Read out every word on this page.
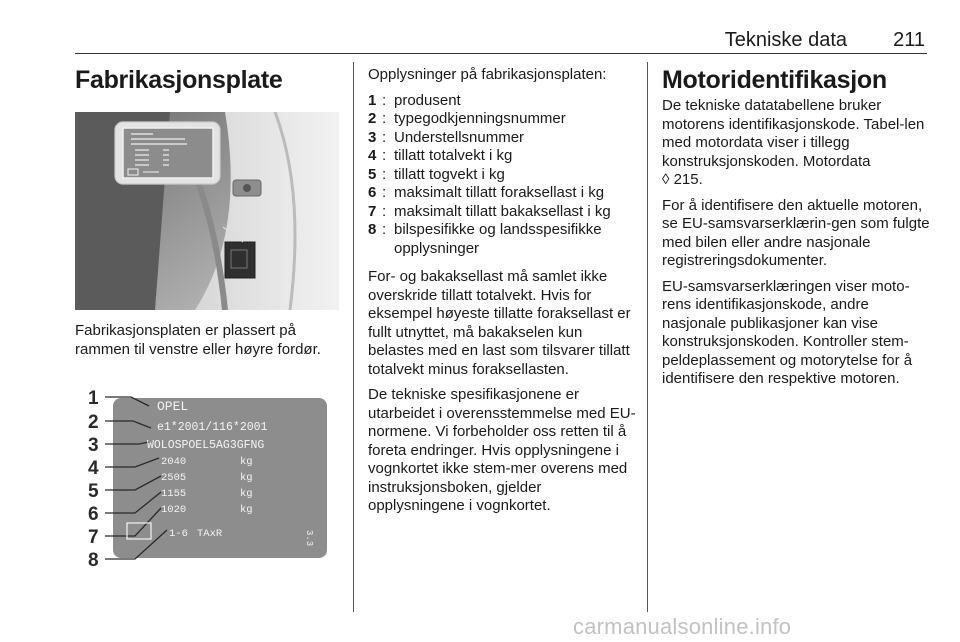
Tekniske data 211
Fabrikasjonsplate

Fabrikasjonsplaten er plassert på rammen til venstre eller høyre fordør.

1
2
3
4
5
6
7
8
OPEL
e1*2001/116*2001
WOLOSPOEL5AG3GFNG
2040
2505
1155
1020
kg
kg
kg
kg
1-6 TAxR	3.3

Opplysninger på fabrikasjonsplaten:

1 : produsent
2 : typegodkjenningsnummer
3 : Understellsnummer
4 : tillatt totalvekt i kg
5 : tillatt togvekt i kg
6 : maksimalt tillatt foraksellast i kg
7 : maksimalt tillatt bakaksellast i kg
8 : bilspesifikke og landsspesifikke opplysninger

For- og bakaksellast må samlet ikke overskride tillatt totalvekt. Hvis for eksempel høyeste tillatte foraksellast er fullt utnyttet, må bakakselen kun belastes med en last som tilsvarer tillatt totalvekt minus foraksellasten.

De tekniske spesifikasjonene er utarbeidet i overensstemmelse med EU-normene. Vi forbeholder oss retten til å foreta endringer. Hvis opplysningene i vognkortet ikke stem-mer overens med instruksjonsboken, gjelder opplysningene i vognkortet.

Motoridentifikasjon

De tekniske datatabellene bruker motorens identifikasjonskode. Tabel-len med motordata viser i tillegg konstruksjonskoden. Motordata
◊ 215.

For å identifisere den aktuelle motoren, se EU-samsvarserklærin-gen som fulgte med bilen eller andre nasjonale registreringsdokumenter.

EU-samsvarserklæringen viser moto-rens identifikasjonskode, andre nasjonale publikasjoner kan vise konstruksjonskoden. Kontroller stem-peldeplassement og motorytelse for å identifisere den respektive motoren.

carmanualsonline.info
